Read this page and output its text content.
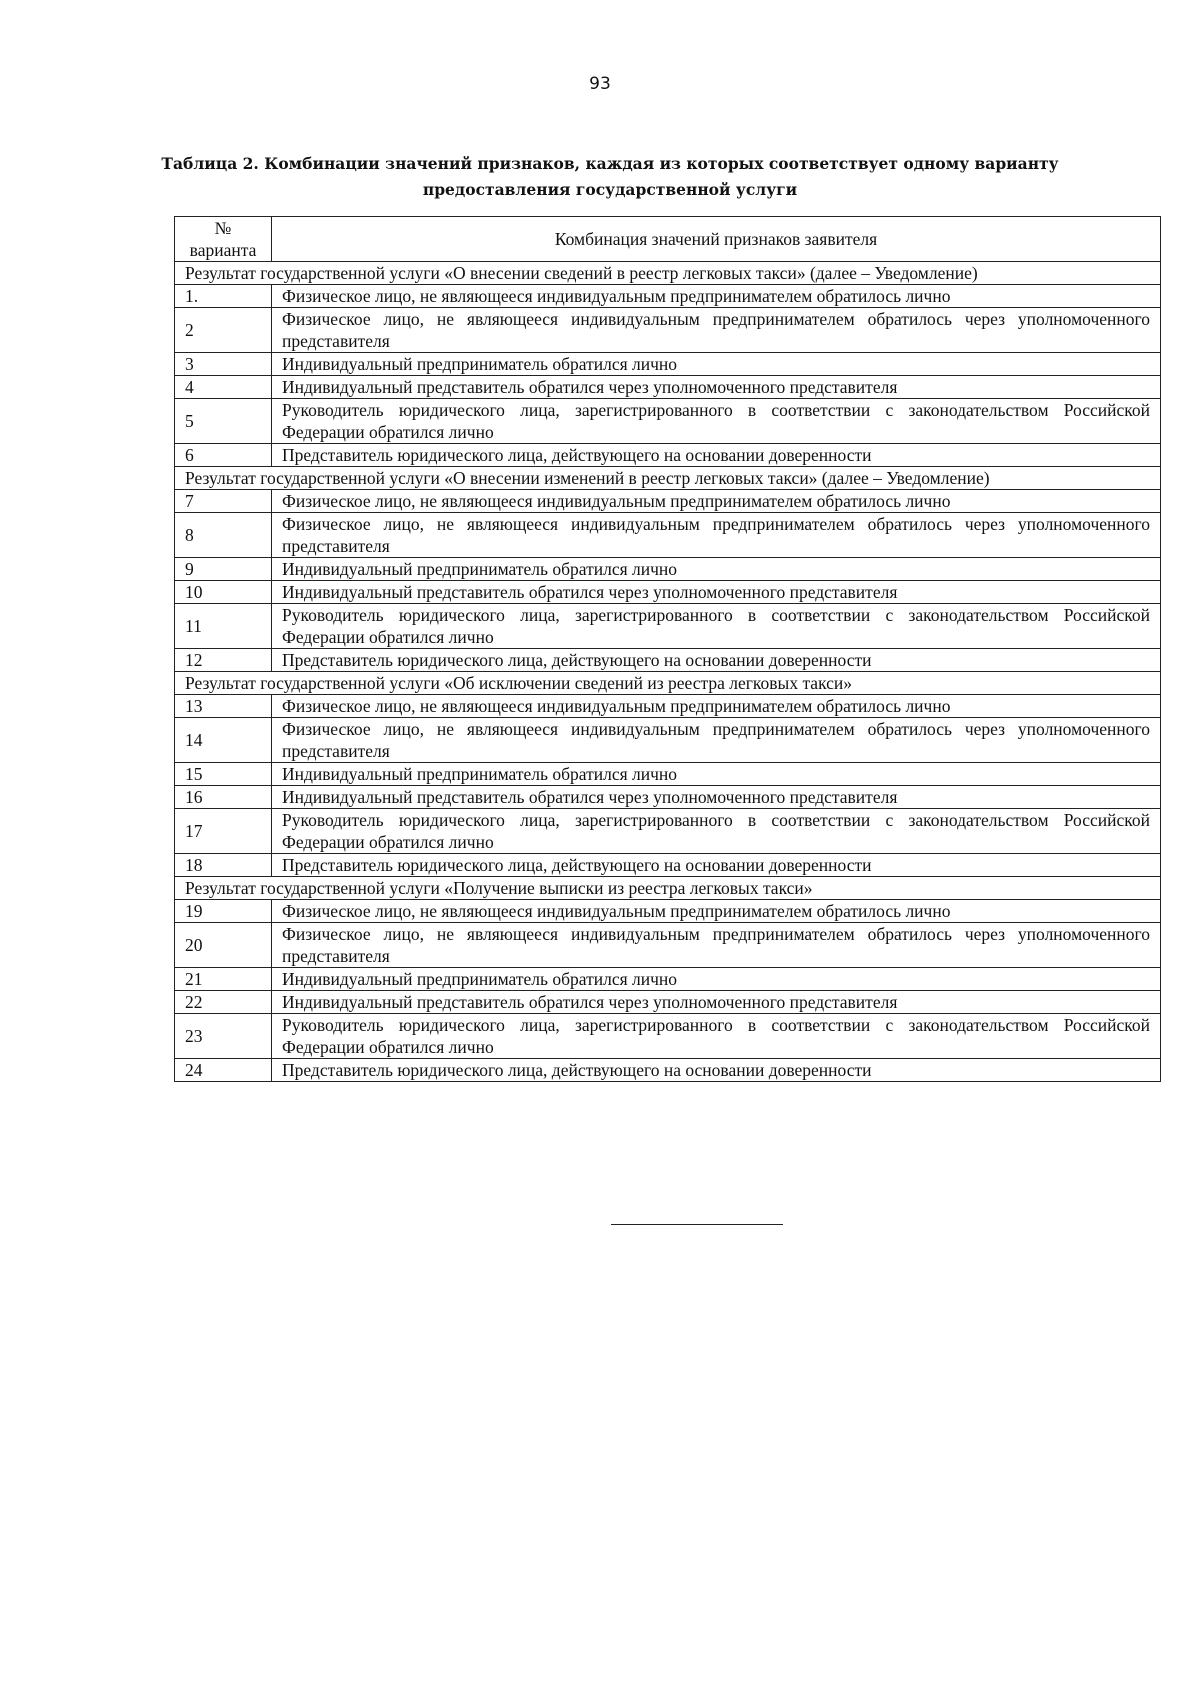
93
Таблица 2. Комбинации значений признаков, каждая из которых соответствует одному варианту предоставления государственной услуги
№
варианта	Комбинация значений признаков заявителя
Результат государственной услуги «О внесении сведений в реестр легковых такси» (далее – Уведомление)	
1.	Физическое лицо, не являющееся индивидуальным предпринимателем обратилось лично
2	Физическое лицо, не являющееся индивидуальным предпринимателем обратилось через уполномоченного представителя
3	Индивидуальный предприниматель обратился лично
4	Индивидуальный представитель обратился через уполномоченного представителя
5	Руководитель юридического лица, зарегистрированного в соответствии с законодательством Российской Федерации обратился лично
6	Представитель юридического лица, действующего на основании доверенности
Результат государственной услуги «О внесении изменений в реестр легковых такси» (далее – Уведомление)	
7	Физическое лицо, не являющееся индивидуальным предпринимателем обратилось лично
8	Физическое лицо, не являющееся индивидуальным предпринимателем обратилось через уполномоченного представителя
9	Индивидуальный предприниматель обратился лично
10	Индивидуальный представитель обратился через уполномоченного представителя
11	Руководитель юридического лица, зарегистрированного в соответствии с законодательством Российской Федерации обратился лично
12	Представитель юридического лица, действующего на основании доверенности
Результат государственной услуги «Об исключении сведений из реестра легковых такси»	
13	Физическое лицо, не являющееся индивидуальным предпринимателем обратилось лично
14	Физическое лицо, не являющееся индивидуальным предпринимателем обратилось через уполномоченного представителя
15	Индивидуальный предприниматель обратился лично
16	Индивидуальный представитель обратился через уполномоченного представителя
17	Руководитель юридического лица, зарегистрированного в соответствии с законодательством Российской Федерации обратился лично
18	Представитель юридического лица, действующего на основании доверенности
Результат государственной услуги «Получение выписки из реестра легковых такси»	
19	Физическое лицо, не являющееся индивидуальным предпринимателем обратилось лично
20	Физическое лицо, не являющееся индивидуальным предпринимателем обратилось через уполномоченного представителя
21	Индивидуальный предприниматель обратился лично
22	Индивидуальный представитель обратился через уполномоченного представителя
23	Руководитель юридического лица, зарегистрированного в соответствии с законодательством Российской Федерации обратился лично
24	Представитель юридического лица, действующего на основании доверенности
